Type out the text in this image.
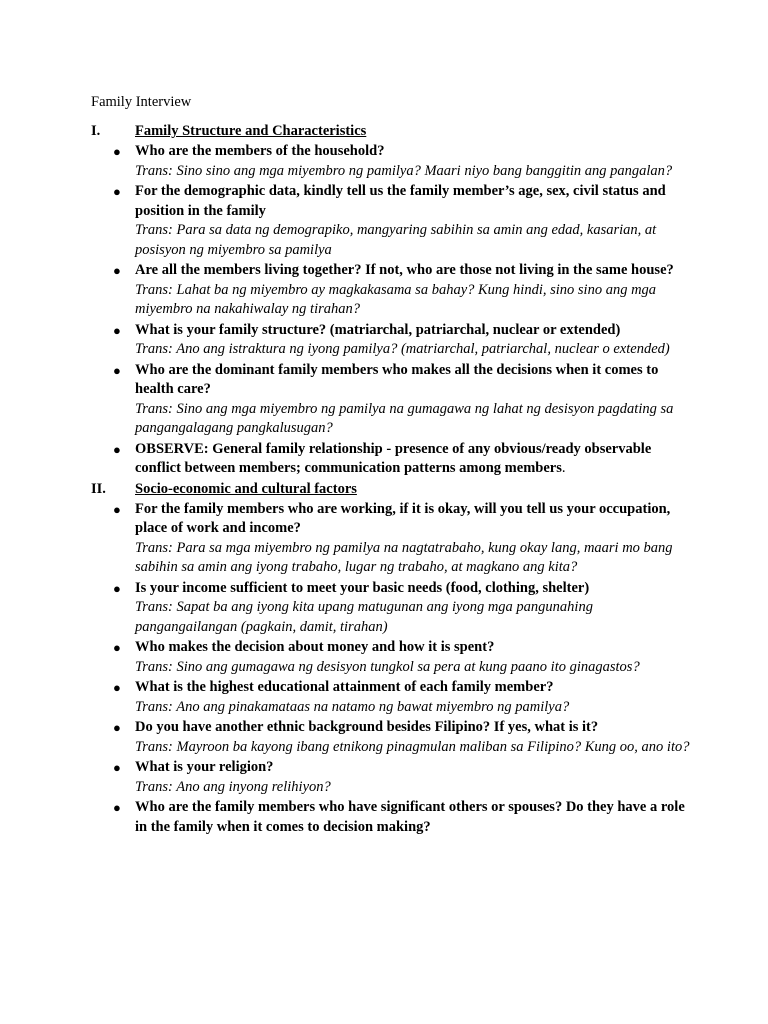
Family Interview
I. Family Structure and Characteristics
● Who are the members of the household?
Trans: Sino sino ang mga miyembro ng pamilya? Maari niyo bang banggitin ang pangalan?
● For the demographic data, kindly tell us the family member’s age, sex, civil status and position in the family
Trans: Para sa data ng demograpiko, mangyaring sabihin sa amin ang edad, kasarian, at posisyon ng miyembro sa pamilya
● Are all the members living together? If not, who are those not living in the same house?
Trans: Lahat ba ng miyembro ay magkakasama sa bahay? Kung hindi, sino sino ang mga miyembro na nakahiwalay ng tirahan?
● What is your family structure? (matriarchal, patriarchal, nuclear or extended)
Trans: Ano ang istraktura ng iyong pamilya? (matriarchal, patriarchal, nuclear o extended)
● Who are the dominant family members who makes all the decisions when it comes to health care?
Trans: Sino ang mga miyembro ng pamilya na gumagawa ng lahat ng desisyon pagdating sa pangangalagang pangkalusugan?
● OBSERVE: General family relationship - presence of any obvious/ready observable conflict between members; communication patterns among members.
II. Socio-economic and cultural factors
● For the family members who are working, if it is okay, will you tell us your occupation, place of work and income?
Trans: Para sa mga miyembro ng pamilya na nagtatrabaho, kung okay lang, maari mo bang sabihin sa amin ang iyong trabaho, lugar ng trabaho, at magkano ang kita?
● Is your income sufficient to meet your basic needs (food, clothing, shelter)
Trans: Sapat ba ang iyong kita upang matugunan ang iyong mga pangunahing pangangailangan (pagkain, damit, tirahan)
● Who makes the decision about money and how it is spent?
Trans: Sino ang gumagawa ng desisyon tungkol sa pera at kung paano ito ginagastos?
● What is the highest educational attainment of each family member?
Trans: Ano ang pinakamataas na natamo ng bawat miyembro ng pamilya?
● Do you have another ethnic background besides Filipino? If yes, what is it?
Trans: Mayroon ba kayong ibang etnikong pinagmulan maliban sa Filipino? Kung oo, ano ito?
● What is your religion?
Trans: Ano ang inyong relihiyon?
● Who are the family members who have significant others or spouses? Do they have a role in the family when it comes to decision making?
